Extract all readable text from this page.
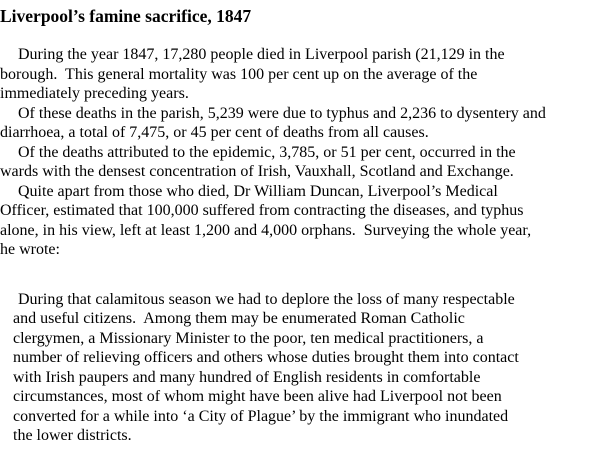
Liverpool’s famine sacrifice, 1847
During the year 1847, 17,280 people died in Liverpool parish (21,129 in the
borough.  This general mortality was 100 per cent up on the average of the
immediately preceding years.
Of these deaths in the parish, 5,239 were due to typhus and 2,236 to dysentery and
diarrhoea, a total of 7,475, or 45 per cent of deaths from all causes.
Of the deaths attributed to the epidemic, 3,785, or 51 per cent, occurred in the
wards with the densest concentration of Irish, Vauxhall, Scotland and Exchange.
Quite apart from those who died, Dr William Duncan, Liverpool’s Medical
Officer, estimated that 100,000 suffered from contracting the diseases, and typhus
alone, in his view, left at least 1,200 and 4,000 orphans.  Surveying the whole year,
he wrote:
During that calamitous season we had to deplore the loss of many respectable
and useful citizens.  Among them may be enumerated Roman Catholic
clergymen, a Missionary Minister to the poor, ten medical practitioners, a
number of relieving officers and others whose duties brought them into contact
with Irish paupers and many hundred of English residents in comfortable
circumstances, most of whom might have been alive had Liverpool not been
converted for a while into ‘a City of Plague’ by the immigrant who inundated
the lower districts.
